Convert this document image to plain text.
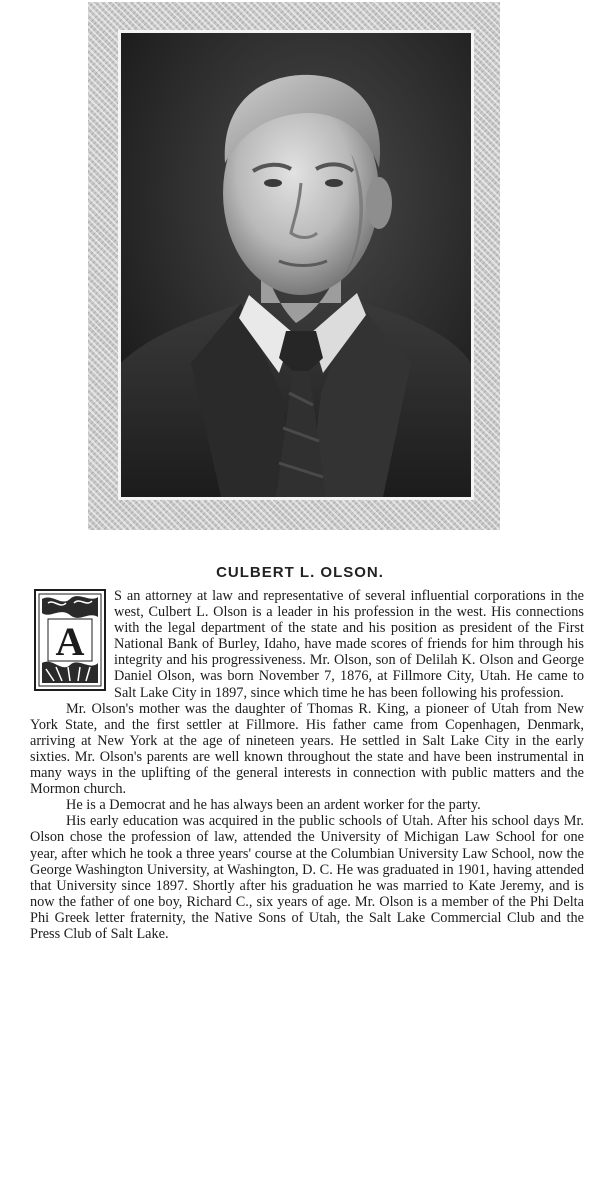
CULBERT L. OLSON.
A

S an attorney at law and representative of several influential corporations in the west, Culbert L. Olson is a leader in his profession in the west. His connections with the legal department of the state and his position as president of the First National Bank of Burley, Idaho, have made scores of friends for him through his integrity and his progressiveness. Mr. Olson, son of Delilah K. Olson and George Daniel Olson, was born November 7, 1876, at Fillmore City, Utah. He came to Salt Lake City in 1897, since which time he has been following his profession.

Mr. Olson's mother was the daughter of Thomas R. King, a pioneer of Utah from New York State, and the first settler at Fillmore. His father came from Copenhagen, Denmark, arriving at New York at the age of nineteen years. He settled in Salt Lake City in the early sixties. Mr. Olson's parents are well known throughout the state and have been instrumental in many ways in the uplifting of the general interests in connection with public matters and the Mormon church.

He is a Democrat and he has always been an ardent worker for the party.

His early education was acquired in the public schools of Utah. After his school days Mr. Olson chose the profession of law, attended the University of Michigan Law School for one year, after which he took a three years' course at the Columbian University Law School, now the George Washington University, at Washington, D. C. He was graduated in 1901, having attended that University since 1897. Shortly after his graduation he was married to Kate Jeremy, and is now the father of one boy, Richard C., six years of age. Mr. Olson is a member of the Phi Delta Phi Greek letter fraternity, the Native Sons of Utah, the Salt Lake Commercial Club and the Press Club of Salt Lake.
